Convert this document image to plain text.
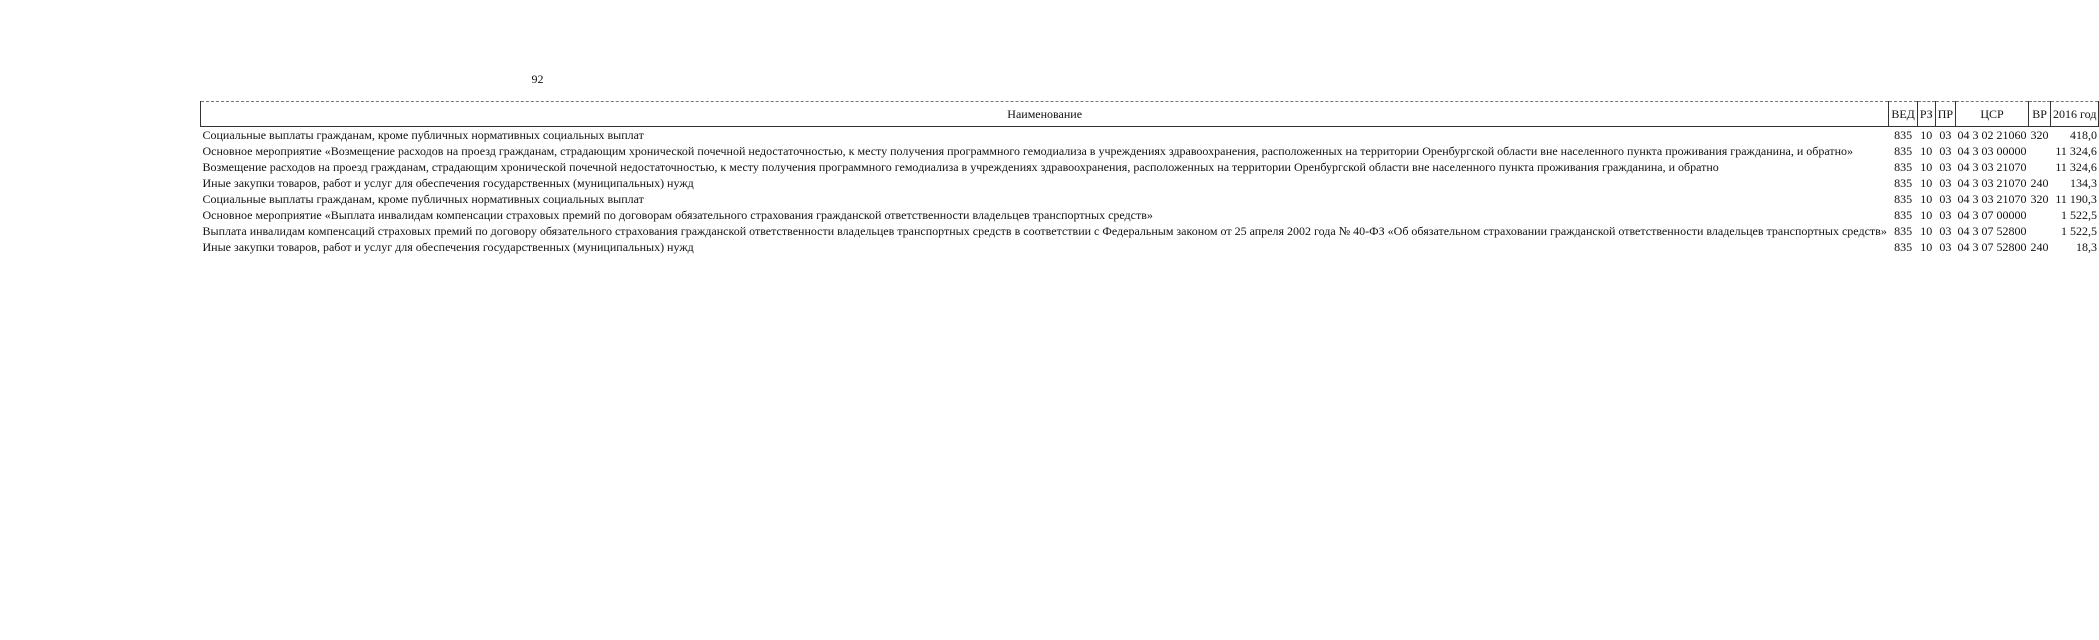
92
Наименование	ВЕД	РЗ	ПР	ЦСР	ВР	2016 год
Социальные выплаты гражданам, кроме публичных нормативных социальных выплат	835	10	03	04 3 02 21060	320	418,0
Основное мероприятие «Возмещение расходов на проезд гражданам, страдающим хронической почечной недостаточностью, к месту получения программного гемодиализа в учреждениях здравоохранения, расположенных на территории Оренбургской области вне населенного пункта проживания гражданина, и обратно»	835	10	03	04 3 03 00000		11 324,6
Возмещение расходов на проезд гражданам, страдающим хронической почечной недостаточностью, к месту получения программного гемодиализа в учреждениях здравоохранения, расположенных на территории Оренбургской области вне населенного пункта проживания гражданина, и обратно	835	10	03	04 3 03 21070		11 324,6
Иные закупки товаров, работ и услуг для обеспечения государственных (муниципальных) нужд	835	10	03	04 3 03 21070	240	134,3
Социальные выплаты гражданам, кроме публичных нормативных социальных выплат	835	10	03	04 3 03 21070	320	11 190,3
Основное мероприятие «Выплата инвалидам компенсации страховых премий по договорам обязательного страхования гражданской ответственности владельцев транспортных средств»	835	10	03	04 3 07 00000		1 522,5
Выплата инвалидам компенсаций страховых премий по договору обязательного страхования гражданской ответственности владельцев транспортных средств в соответствии с Федеральным законом от 25 апреля 2002 года № 40-ФЗ «Об обязательном страховании гражданской ответственности владельцев транспортных средств»	835	10	03	04 3 07 52800		1 522,5
Иные закупки товаров, работ и услуг для обеспечения государственных (муниципальных) нужд	835	10	03	04 3 07 52800	240	18,3
